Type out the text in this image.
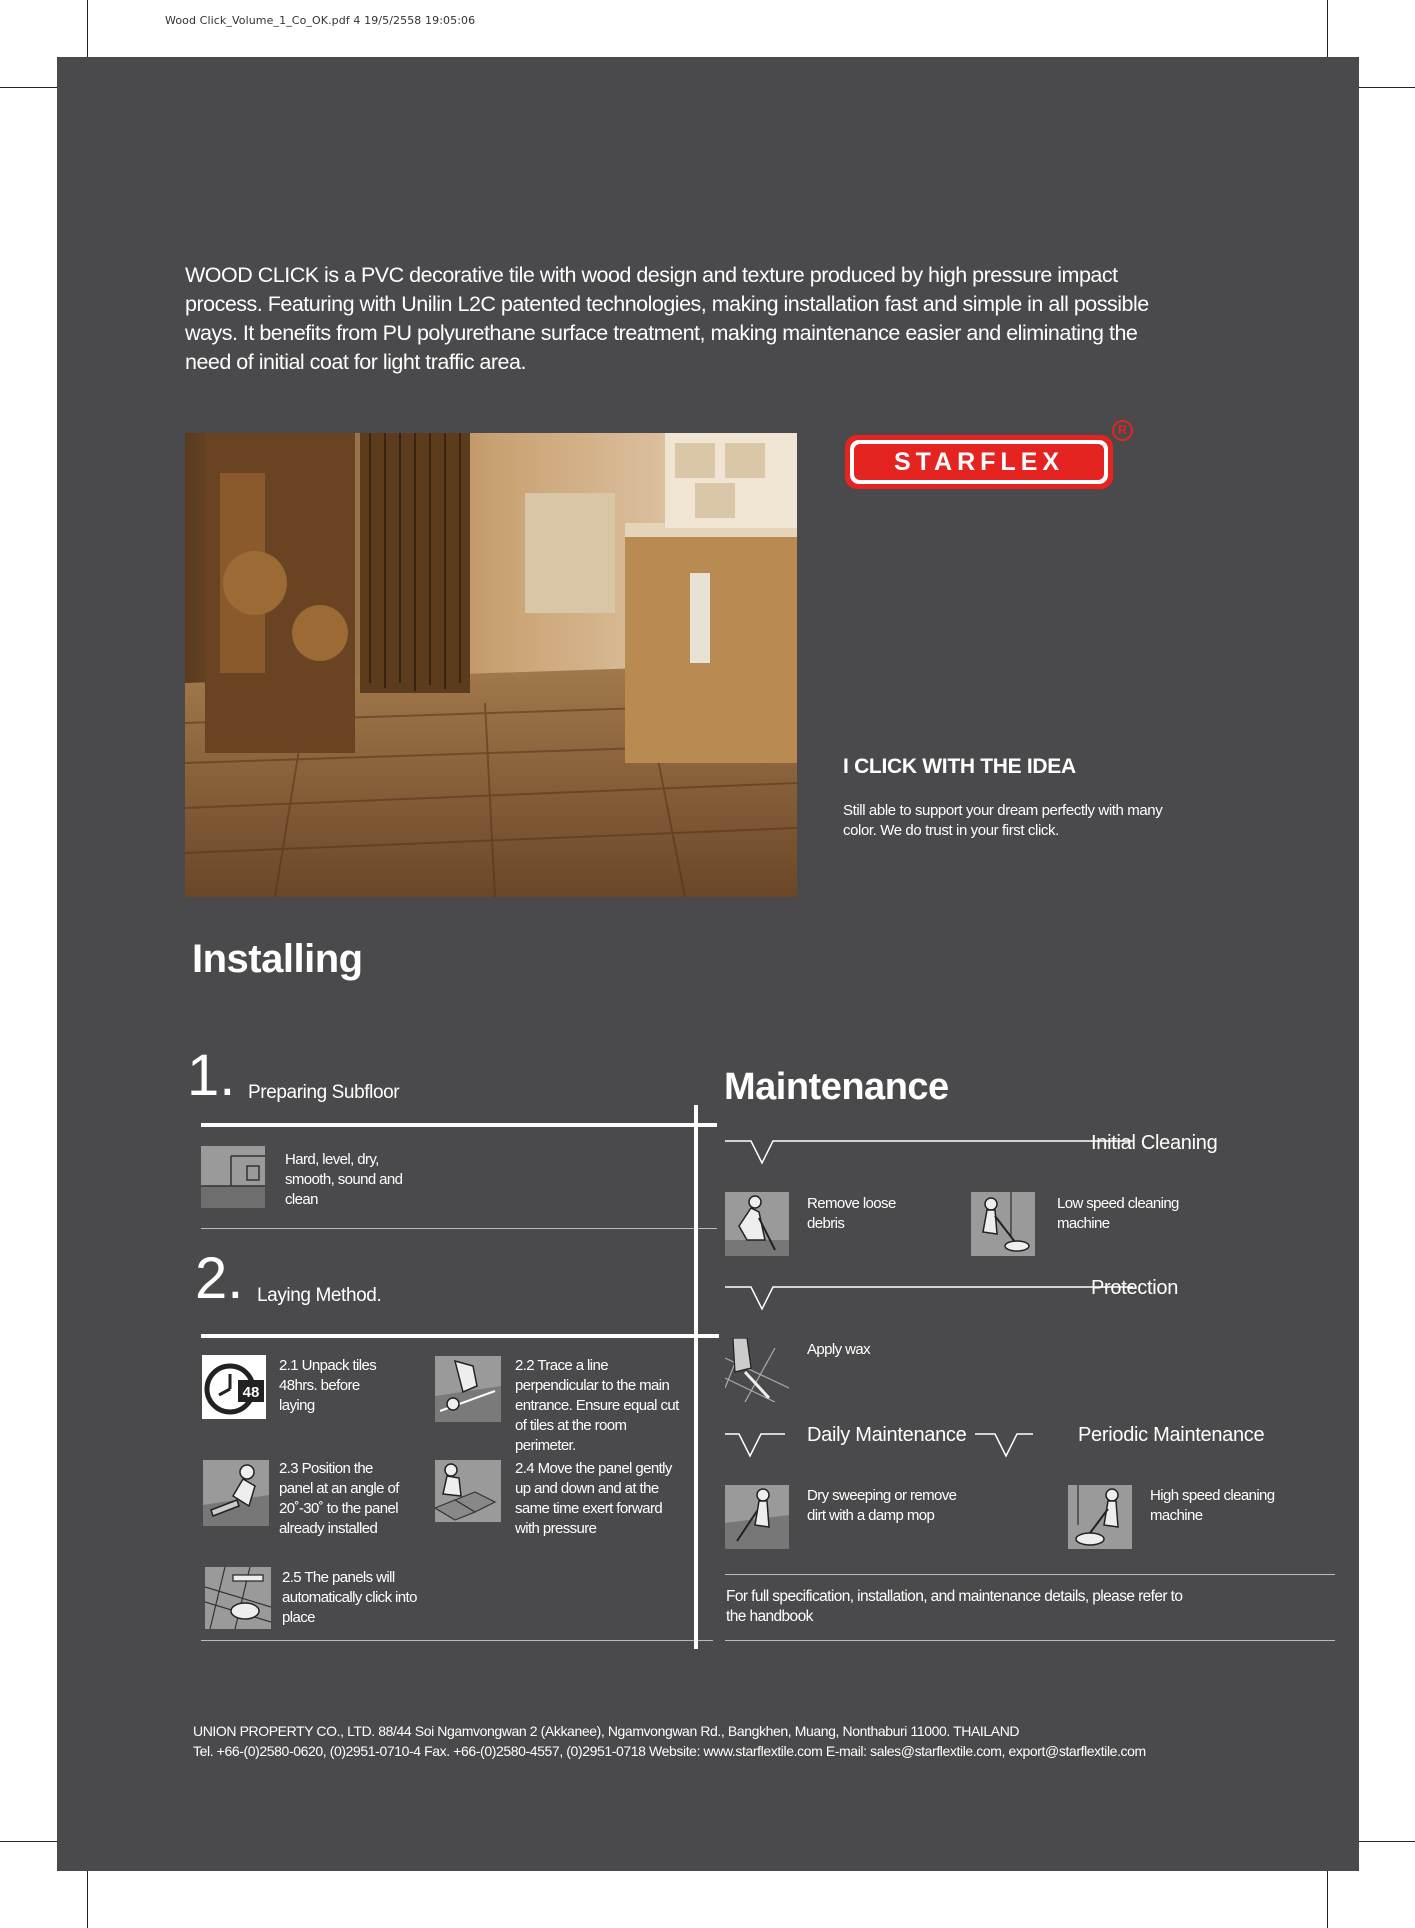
Wood Click_Volume_1_Co_OK.pdf 4 19/5/2558 19:05:06
WOOD CLICK is a PVC decorative tile with wood design and texture produced by high pressure impact process. Featuring with Unilin L2C patented technologies, making installation fast and simple in all possible ways. It benefits from PU polyurethane surface treatment, making maintenance easier and eliminating the need of initial coat for light traffic area.
STARFLEX
R
I CLICK WITH THE IDEA
Still able to support your dream perfectly with many color. We do trust in your first click.
Installing
1. Preparing Subfloor
Hard, level, dry, smooth, sound and clean
2. Laying Method.
48
2.1 Unpack tiles 48hrs. before laying
2.2 Trace a line perpendicular to the main entrance. Ensure equal cut of tiles at the room perimeter.
2.3 Position the panel at an angle of 20˚-30˚ to the panel already installed
2.4 Move the panel gently up and down and at the same time exert forward with pressure
2.5 The panels will automatically click into place
Maintenance
Initial Cleaning
Remove loose debris
Low speed cleaning machine
Protection
Apply wax
Daily Maintenance	Periodic Maintenance
Dry sweeping or remove dirt with a damp mop
High speed cleaning machine
For full specification, installation, and maintenance details, please refer to the handbook
UNION PROPERTY CO., LTD. 88/44 Soi Ngamvongwan 2 (Akkanee), Ngamvongwan Rd., Bangkhen, Muang, Nonthaburi 11000. THAILAND
Tel. +66-(0)2580-0620, (0)2951-0710-4 Fax. +66-(0)2580-4557, (0)2951-0718 Website: www.starflextile.com E-mail: sales@starflextile.com, export@starflextile.com
